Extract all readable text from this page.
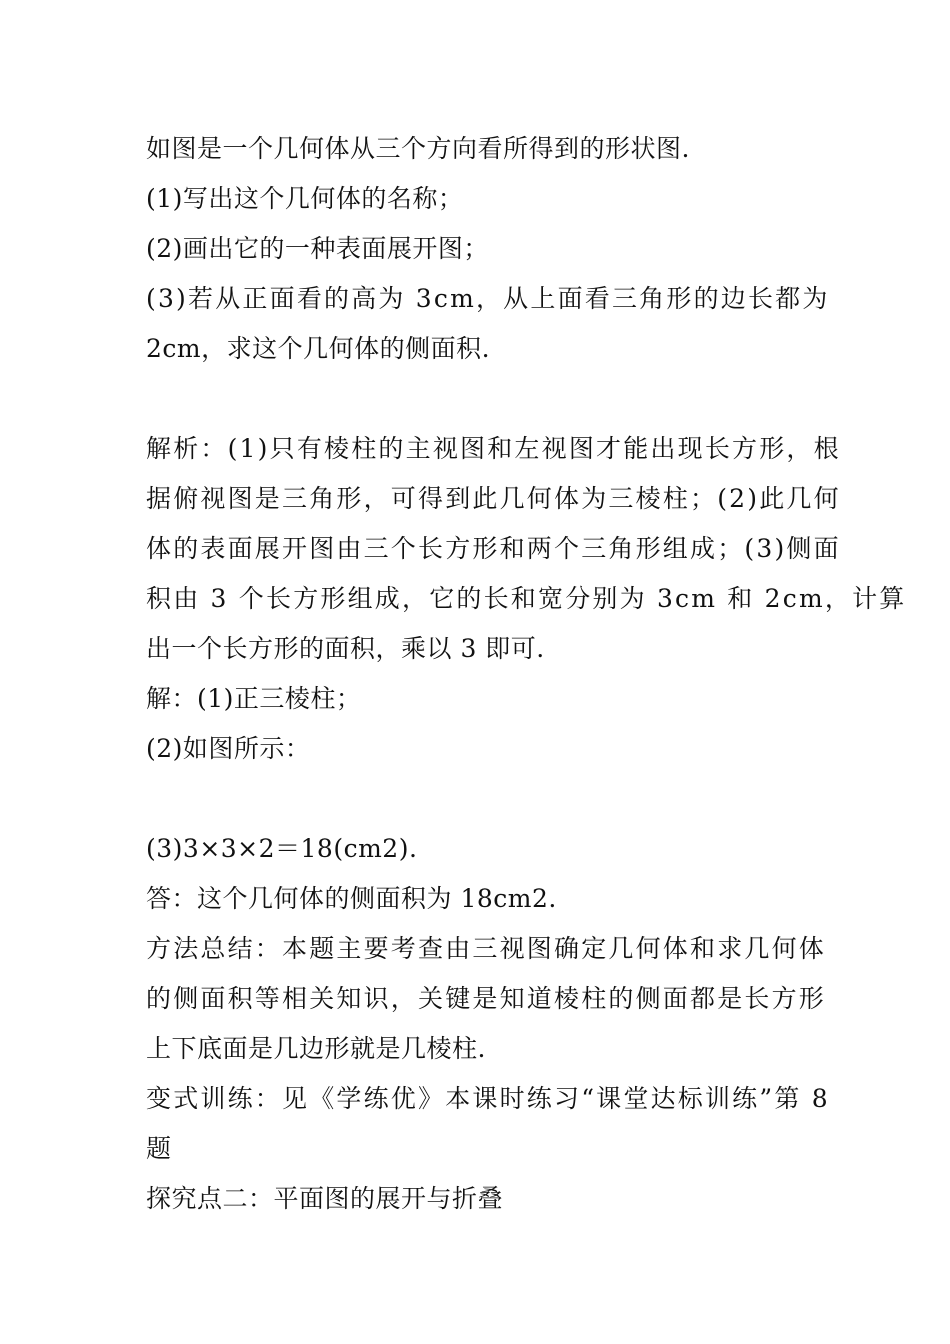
如图是一个几何体从三个方向看所得到的形状图.
(1)写出这个几何体的名称；
(2)画出它的一种表面展开图；
(3)若从正面看的高为 3cm，从上面看三角形的边长都为
2cm，求这个几何体的侧面积.
解析：(1)只有棱柱的主视图和左视图才能出现长方形，根
据俯视图是三角形，可得到此几何体为三棱柱；(2)此几何
体的表面展开图由三个长方形和两个三角形组成；(3)侧面
积由 3 个长方形组成，它的长和宽分别为 3cm 和 2cm，计算
出一个长方形的面积，乘以 3 即可.
解：(1)正三棱柱；
(2)如图所示：
(3)3×3×2＝18(cm2).
答：这个几何体的侧面积为 18cm2.
方法总结：本题主要考查由三视图确定几何体和求几何体
的侧面积等相关知识，关键是知道棱柱的侧面都是长方形
上下底面是几边形就是几棱柱.
变式训练：见《学练优》本课时练习“课堂达标训练”第 8
题
探究点二：平面图的展开与折叠
